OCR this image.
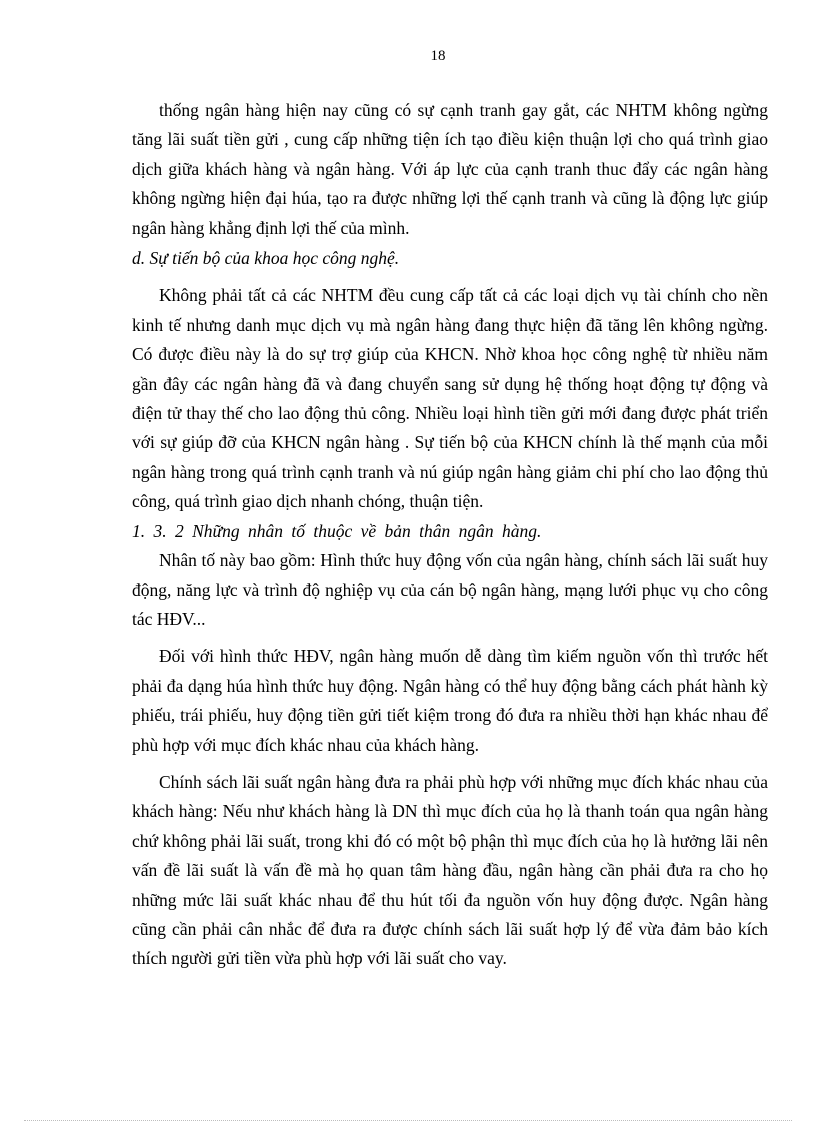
18

thống ngân hàng hiện nay cũng có sự cạnh tranh gay gắt, các NHTM không ngừng tăng lãi suất tiền gửi , cung cấp những tiện ích tạo điều kiện thuận lợi cho quá trình giao dịch giữa khách hàng và ngân hàng. Với áp lực của cạnh tranh thuc đẩy các ngân hàng không ngừng hiện đại húa, tạo ra được những lợi thế cạnh tranh và cũng là động lực giúp ngân hàng khẳng định lợi thế của mình.

d. Sự tiến bộ của khoa học công nghệ.

Không phải tất cả các NHTM đều cung cấp tất cả các loại dịch vụ tài chính cho nền kinh tế nhưng danh mục dịch vụ mà ngân hàng đang thực hiện đã tăng lên không ngừng. Có được điều này là do sự trợ giúp của KHCN. Nhờ khoa học công nghệ từ nhiều năm gần đây các ngân hàng đã và đang chuyển sang sử dụng hệ thống hoạt động tự động và điện tử thay thế cho lao động thủ công. Nhiều loại hình tiền gửi mới đang được phát triển với sự giúp đỡ của KHCN ngân hàng . Sự tiến bộ của KHCN chính là thế mạnh của mỗi ngân hàng trong quá trình cạnh tranh và nú giúp ngân hàng giảm chi phí cho lao động thủ công, quá trình giao dịch nhanh chóng, thuận tiện.

1. 3. 2 Những nhân tố thuộc về bản thân ngân hàng.

Nhân tố này bao gồm: Hình thức huy động vốn của ngân hàng, chính sách lãi suất huy động, năng lực và trình độ nghiệp vụ của cán bộ ngân hàng, mạng lưới phục vụ cho công tác HĐV...

Đối với hình thức HĐV, ngân hàng muốn dễ dàng tìm kiếm nguồn vốn thì trước hết phải đa dạng húa hình thức huy động. Ngân hàng có thể huy động bằng cách phát hành kỳ phiếu, trái phiếu, huy động tiền gửi tiết kiệm trong đó đưa ra nhiều thời hạn khác nhau để phù hợp với mục đích khác nhau của khách hàng.

Chính sách lãi suất ngân hàng đưa ra phải phù hợp với những mục đích khác nhau của khách hàng: Nếu như khách hàng là DN thì mục đích của họ là thanh toán qua ngân hàng chứ không phải lãi suất, trong khi đó có một bộ phận thì mục đích của họ là hưởng lãi nên vấn đề lãi suất là vấn đề mà họ quan tâm hàng đầu, ngân hàng cần phải đưa ra cho họ những mức lãi suất khác nhau để thu hút tối đa nguồn vốn huy động được. Ngân hàng cũng cần phải cân nhắc để đưa ra được chính sách lãi suất hợp lý để vừa đảm bảo kích thích người gửi tiền vừa phù hợp với lãi suất cho vay.
